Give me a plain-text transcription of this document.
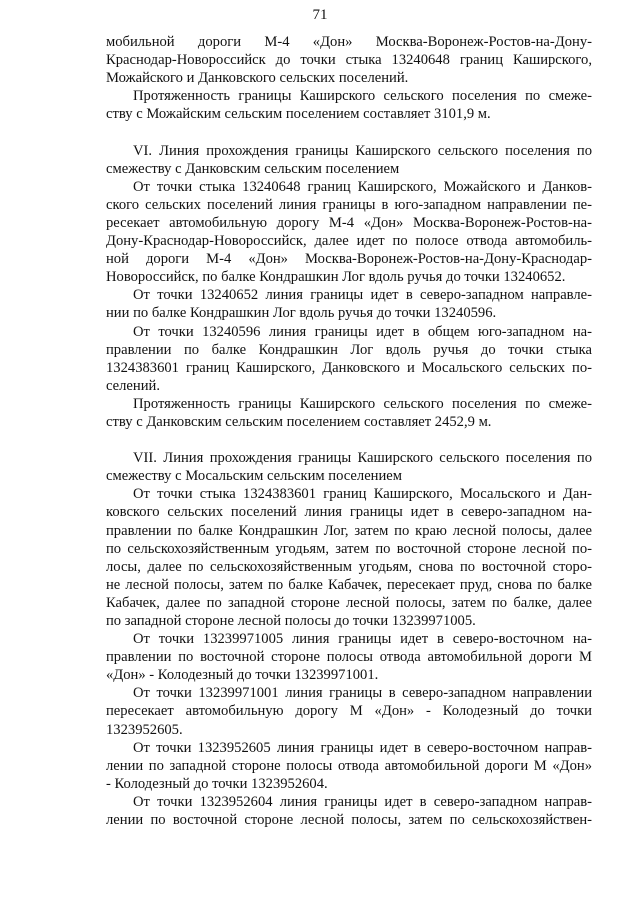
71
мобильной дороги М-4 «Дон» Москва-Воронеж-Ростов-на-Дону-
Краснодар-Новороссийск до точки стыка 13240648 границ Каширского,
Можайского и Данковского сельских поселений.
Протяженность границы Каширского сельского поселения по смеже-
ству с Можайским сельским поселением составляет 3101,9 м.
VI. Линия прохождения границы Каширского сельского поселения по
смежеству с Данковским сельским поселением
От точки стыка 13240648 границ Каширского, Можайского и Данков-
ского сельских поселений линия границы в юго-западном направлении пе-
ресекает автомобильную дорогу М-4 «Дон» Москва-Воронеж-Ростов-на-
Дону-Краснодар-Новороссийск, далее идет по полосе отвода автомобиль-
ной дороги М-4 «Дон» Москва-Воронеж-Ростов-на-Дону-Краснодар-
Новороссийск, по балке Кондрашкин Лог вдоль ручья до точки 13240652.
От точки 13240652 линия границы идет в северо-западном направле-
нии по балке Кондрашкин Лог вдоль ручья до точки 13240596.
От точки 13240596 линия границы идет в общем юго-западном на-
правлении по балке Кондрашкин Лог вдоль ручья до точки стыка
1324383601 границ Каширского, Данковского и Мосальского сельских по-
селений.
Протяженность границы Каширского сельского поселения по смеже-
ству с Данковским сельским поселением составляет 2452,9 м.
VII. Линия прохождения границы Каширского сельского поселения по
смежеству с Мосальским сельским поселением
От точки стыка 1324383601 границ Каширского, Мосальского и Дан-
ковского сельских поселений линия границы идет в северо-западном на-
правлении по балке Кондрашкин Лог, затем по краю лесной полосы, далее
по сельскохозяйственным угодьям, затем по восточной стороне лесной по-
лосы, далее по сельскохозяйственным угодьям, снова по восточной сторо-
не лесной полосы, затем по балке Кабачек, пересекает пруд, снова по балке
Кабачек, далее по западной стороне лесной полосы, затем по балке, далее
по западной стороне лесной полосы до точки 13239971005.
От точки 13239971005 линия границы идет в северо-восточном на-
правлении по восточной стороне полосы отвода автомобильной дороги М
«Дон» - Колодезный до точки 13239971001.
От точки 13239971001 линия границы в северо-западном направлении
пересекает автомобильную дорогу М «Дон» - Колодезный до точки
1323952605.
От точки 1323952605 линия границы идет в северо-восточном направ-
лении по западной стороне полосы отвода автомобильной дороги М «Дон»
- Колодезный до точки 1323952604.
От точки 1323952604 линия границы идет в северо-западном направ-
лении по восточной стороне лесной полосы, затем по сельскохозяйствен-
